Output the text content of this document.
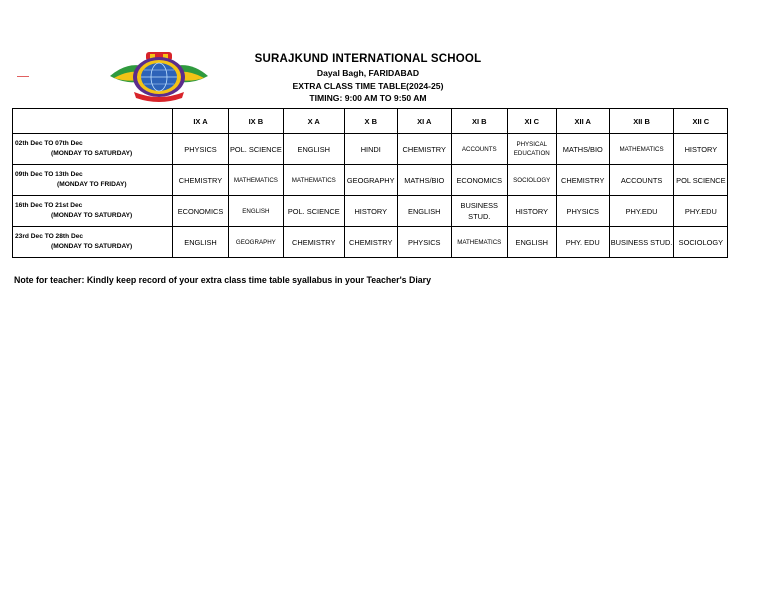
SURAJKUND INTERNATIONAL SCHOOL
Dayal Bagh, FARIDABAD
EXTRA CLASS TIME TABLE(2024-25)
TIMING: 9:00 AM TO 9:50 AM
	IX A	IX B	X A	X B	XI A	XI B	XI C	XII A	XII B	XII C
02th Dec TO 07th Dec
(MONDAY TO SATURDAY)	PHYSICS	POL. SCIENCE	ENGLISH	HINDI	CHEMISTRY	ACCOUNTS	PHYSICAL EDUCATION	MATHS/BIO	MATHEMATICS	HISTORY
09th Dec TO 13th Dec
(MONDAY TO FRIDAY)	CHEMISTRY	MATHEMATICS	MATHEMATICS	GEOGRAPHY	MATHS/BIO	ECONOMICS	SOCIOLOGY	CHEMISTRY	ACCOUNTS	POL SCIENCE
16th Dec TO 21st Dec
(MONDAY TO SATURDAY)	ECONOMICS	ENGLISH	POL. SCIENCE	HISTORY	ENGLISH	BUSINESS STUD.	HISTORY	PHYSICS	PHY.EDU	PHY.EDU
23rd Dec TO 28th Dec
(MONDAY TO SATURDAY)	ENGLISH	GEOGRAPHY	CHEMISTRY	CHEMISTRY	PHYSICS	MATHEMATICS	ENGLISH	PHY. EDU	BUSINESS STUD.	SOCIOLOGY
Note for teacher: Kindly keep record of your extra class time table syallabus in your Teacher's Diary
